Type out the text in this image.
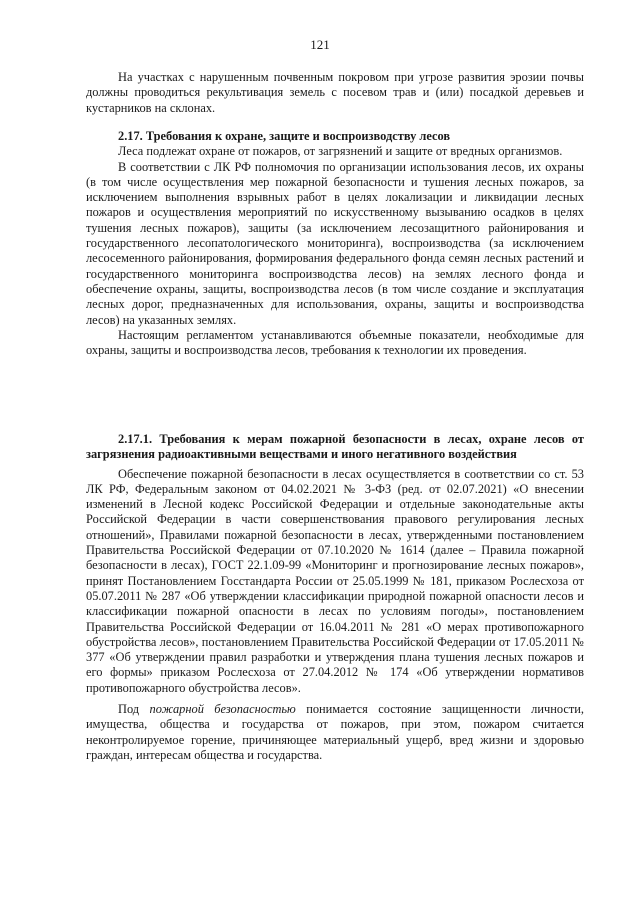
121

На участках с нарушенным почвенным покровом при угрозе развития эрозии почвы должны проводиться рекультивация земель с посевом трав и (или) посадкой деревьев и кустарников на склонах.

2.17. Требования к охране, защите и воспроизводству лесов

Леса подлежат охране от пожаров, от загрязнений и защите от вредных организмов.

В соответствии с ЛК РФ полномочия по организации использования лесов, их охраны (в том числе осуществления мер пожарной безопасности и тушения лесных пожаров, за исключением выполнения взрывных работ в целях локализации и ликвидации лесных пожаров и осуществления мероприятий по искусственному вызыванию осадков в целях тушения лесных пожаров), защиты (за исключением лесозащитного районирования и государственного лесопатологического мониторинга), воспроизводства (за исключением лесосеменного районирования, формирования федерального фонда семян лесных растений и государственного мониторинга воспроизводства лесов) на землях лесного фонда и обеспечение охраны, защиты, воспроизводства лесов (в том числе создание и эксплуатация лесных дорог, предназначенных для использования, охраны, защиты и воспроизводства лесов) на указанных землях.

Настоящим регламентом устанавливаются объемные показатели, необходимые для охраны, защиты и воспроизводства лесов, требования к технологии их проведения.

2.17.1. Требования к мерам пожарной безопасности в лесах, охране лесов от загрязнения радиоактивными веществами и иного негативного воздействия

Обеспечение пожарной безопасности в лесах осуществляется в соответствии со ст. 53 ЛК РФ, Федеральным законом от 04.02.2021 № 3-ФЗ (ред. от 02.07.2021) «О внесении изменений в Лесной кодекс Российской Федерации и отдельные законодательные акты Российской Федерации в части совершенствования правового регулирования лесных отношений», Правилами пожарной безопасности в лесах, утвержденными постановлением Правительства Российской Федерации от 07.10.2020 № 1614 (далее – Правила пожарной безопасности в лесах), ГОСТ 22.1.09-99 «Мониторинг и прогнозирование лесных пожаров», принят Постановлением Госстандарта России от 25.05.1999 № 181, приказом Рослесхоза от 05.07.2011 № 287 «Об утверждении классификации природной пожарной опасности лесов и классификации пожарной опасности в лесах по условиям погоды», постановлением Правительства Российской Федерации от 16.04.2011 № 281 «О мерах противопожарного обустройства лесов», постановлением Правительства Российской Федерации от 17.05.2011 № 377 «Об утверждении правил разработки и утверждения плана тушения лесных пожаров и его формы» приказом Рослесхоза от 27.04.2012 № 174 «Об утверждении нормативов противопожарного обустройства лесов».

Под пожарной безопасностью понимается состояние защищенности личности, имущества, общества и государства от пожаров, при этом, пожаром считается неконтролируемое горение, причиняющее материальный ущерб, вред жизни и здоровью граждан, интересам общества и государства.
